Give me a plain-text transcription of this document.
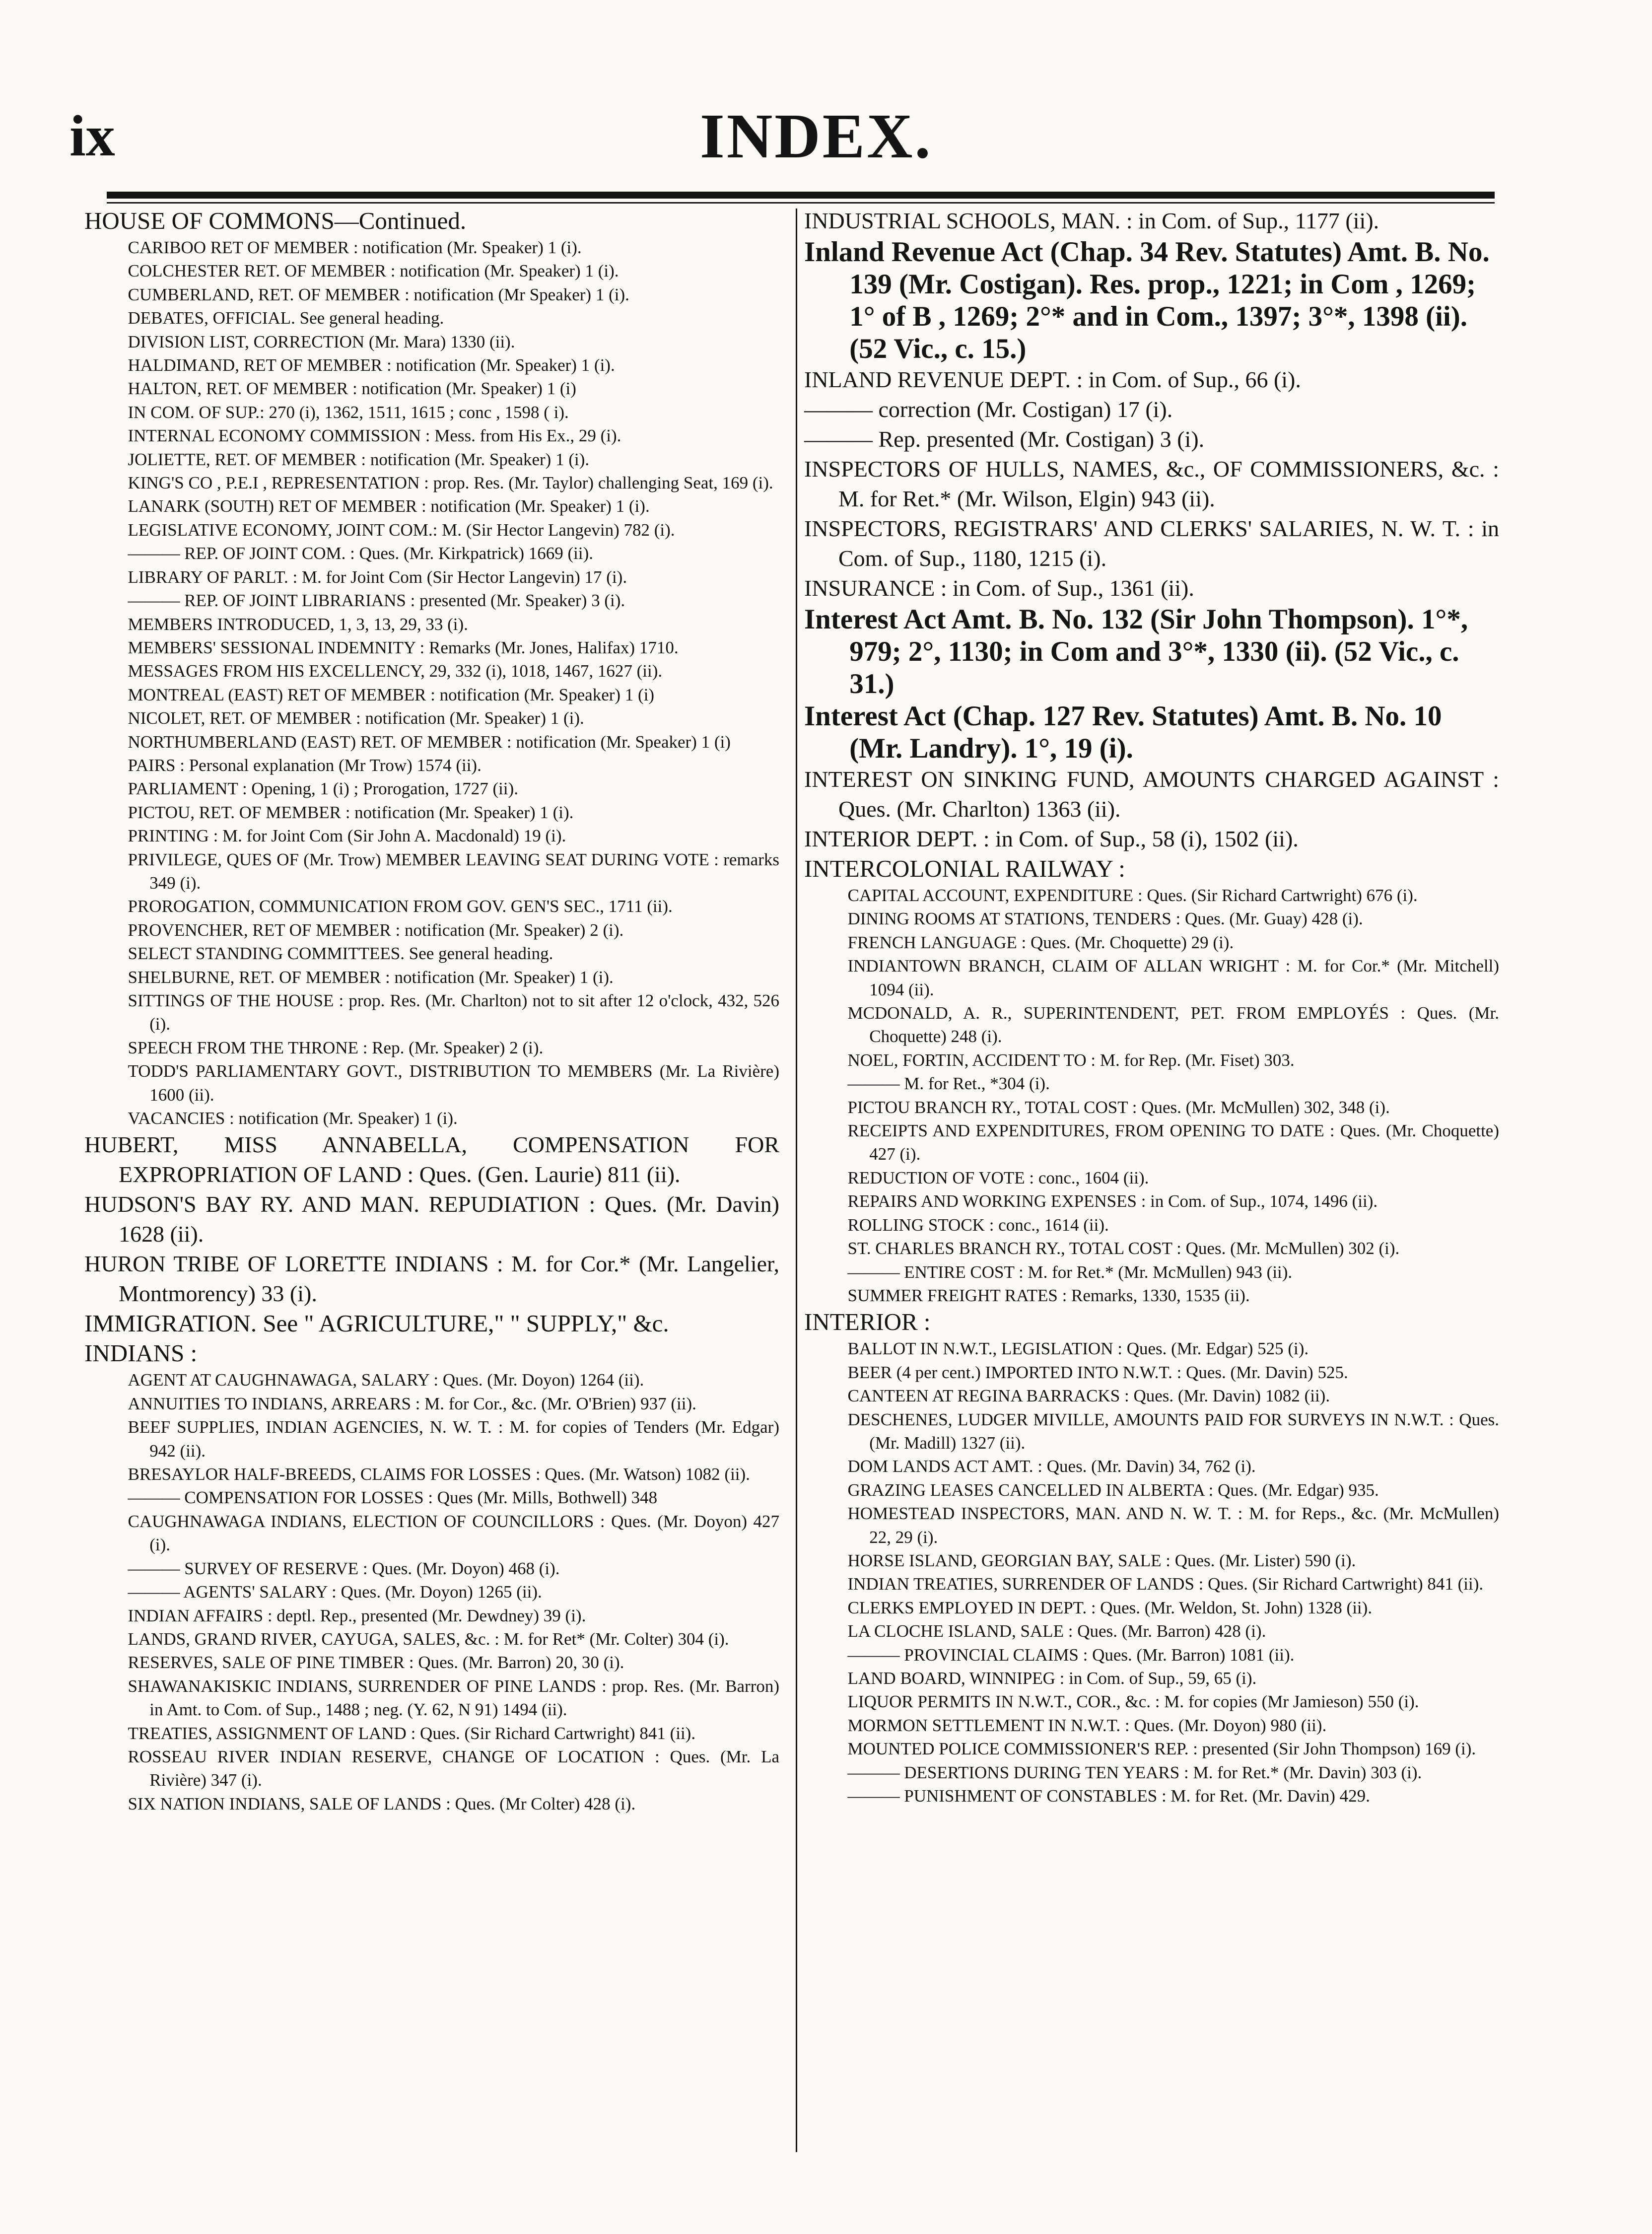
ix	INDEX.

HOUSE OF COMMONS—Continued.

CARIBOO RET OF MEMBER : notification (Mr. Speaker) 1 (i).

COLCHESTER RET. OF MEMBER : notification (Mr. Speaker) 1 (i).

CUMBERLAND, RET. OF MEMBER : notification (Mr Speaker) 1 (i).

DEBATES, OFFICIAL. See general heading.

DIVISION LIST, CORRECTION (Mr. Mara) 1330 (ii).

HALDIMAND, RET OF MEMBER : notification (Mr. Speaker) 1 (i).

HALTON, RET. OF MEMBER : notification (Mr. Speaker) 1 (i)

IN COM. OF SUP.: 270 (i), 1362, 1511, 1615 ; conc , 1598 ( i).

INTERNAL ECONOMY COMMISSION : Mess. from His Ex., 29 (i).

JOLIETTE, RET. OF MEMBER : notification (Mr. Speaker) 1 (i).

KING'S CO , P.E.I , REPRESENTATION : prop. Res. (Mr. Taylor) challenging Seat, 169 (i).

LANARK (SOUTH) RET OF MEMBER : notification (Mr. Speaker) 1 (i).

LEGISLATIVE ECONOMY, JOINT COM.: M. (Sir Hector Langevin) 782 (i).

——— REP. OF JOINT COM. : Ques. (Mr. Kirkpatrick) 1669 (ii).

LIBRARY OF PARLT. : M. for Joint Com (Sir Hector Langevin) 17 (i).

——— REP. OF JOINT LIBRARIANS : presented (Mr. Speaker) 3 (i).

MEMBERS INTRODUCED, 1, 3, 13, 29, 33 (i).

MEMBERS' SESSIONAL INDEMNITY : Remarks (Mr. Jones, Halifax) 1710.

MESSAGES FROM HIS EXCELLENCY, 29, 332 (i), 1018, 1467, 1627 (ii).

MONTREAL (EAST) RET OF MEMBER : notification (Mr. Speaker) 1 (i)

NICOLET, RET. OF MEMBER : notification (Mr. Speaker) 1 (i).

NORTHUMBERLAND (EAST) RET. OF MEMBER : notification (Mr. Speaker) 1 (i)

PAIRS : Personal explanation (Mr Trow) 1574 (ii).

PARLIAMENT : Opening, 1 (i) ; Prorogation, 1727 (ii).

PICTOU, RET. OF MEMBER : notification (Mr. Speaker) 1 (i).

PRINTING : M. for Joint Com (Sir John A. Macdonald) 19 (i).

PRIVILEGE, QUES OF (Mr. Trow) MEMBER LEAVING SEAT DURING VOTE : remarks 349 (i).

PROROGATION, COMMUNICATION FROM GOV. GEN'S SEC., 1711 (ii).

PROVENCHER, RET OF MEMBER : notification (Mr. Speaker) 2 (i).

SELECT STANDING COMMITTEES. See general heading.

SHELBURNE, RET. OF MEMBER : notification (Mr. Speaker) 1 (i).

SITTINGS OF THE HOUSE : prop. Res. (Mr. Charlton) not to sit after 12 o'clock, 432, 526 (i).

SPEECH FROM THE THRONE : Rep. (Mr. Speaker) 2 (i).

TODD'S PARLIAMENTARY GOVT., DISTRIBUTION TO MEMBERS (Mr. La Rivière) 1600 (ii).

VACANCIES : notification (Mr. Speaker) 1 (i).

HUBERT, MISS ANNABELLA, COMPENSATION FOR EXPROPRIATION OF LAND : Ques. (Gen. Laurie) 811 (ii).

HUDSON'S BAY RY. AND MAN. REPUDIATION : Ques. (Mr. Davin) 1628 (ii).

HURON TRIBE OF LORETTE INDIANS : M. for Cor.* (Mr. Langelier, Montmorency) 33 (i).

IMMIGRATION. See " AGRICULTURE," " SUPPLY," &c.

INDIANS :

AGENT AT CAUGHNAWAGA, SALARY : Ques. (Mr. Doyon) 1264 (ii).

ANNUITIES TO INDIANS, ARREARS : M. for Cor., &c. (Mr. O'Brien) 937 (ii).

BEEF SUPPLIES, INDIAN AGENCIES, N. W. T. : M. for copies of Tenders (Mr. Edgar) 942 (ii).

BRESAYLOR HALF-BREEDS, CLAIMS FOR LOSSES : Ques. (Mr. Watson) 1082 (ii).

——— COMPENSATION FOR LOSSES : Ques (Mr. Mills, Bothwell) 348

CAUGHNAWAGA INDIANS, ELECTION OF COUNCILLORS : Ques. (Mr. Doyon) 427 (i).

——— SURVEY OF RESERVE : Ques. (Mr. Doyon) 468 (i).

——— AGENTS' SALARY : Ques. (Mr. Doyon) 1265 (ii).

INDIAN AFFAIRS : deptl. Rep., presented (Mr. Dewdney) 39 (i).

LANDS, GRAND RIVER, CAYUGA, SALES, &c. : M. for Ret* (Mr. Colter) 304 (i).

RESERVES, SALE OF PINE TIMBER : Ques. (Mr. Barron) 20, 30 (i).

SHAWANAKISKIC INDIANS, SURRENDER OF PINE LANDS : prop. Res. (Mr. Barron) in Amt. to Com. of Sup., 1488 ; neg. (Y. 62, N 91) 1494 (ii).

TREATIES, ASSIGNMENT OF LAND : Ques. (Sir Richard Cartwright) 841 (ii).

ROSSEAU RIVER INDIAN RESERVE, CHANGE OF LOCATION : Ques. (Mr. La Rivière) 347 (i).

SIX NATION INDIANS, SALE OF LANDS : Ques. (Mr Colter) 428 (i).

INDUSTRIAL SCHOOLS, MAN. : in Com. of Sup., 1177 (ii).

Inland Revenue Act (Chap. 34 Rev. Statutes) Amt. B. No. 139 (Mr. Costigan). Res. prop., 1221; in Com , 1269; 1° of B , 1269; 2°* and in Com., 1397; 3°*, 1398 (ii). (52 Vic., c. 15.)

INLAND REVENUE DEPT. : in Com. of Sup., 66 (i).

——— correction (Mr. Costigan) 17 (i).

——— Rep. presented (Mr. Costigan) 3 (i).

INSPECTORS OF HULLS, NAMES, &c., OF COMMISSIONERS, &c. : M. for Ret.* (Mr. Wilson, Elgin) 943 (ii).

INSPECTORS, REGISTRARS' AND CLERKS' SALARIES, N. W. T. : in Com. of Sup., 1180, 1215 (i).

INSURANCE : in Com. of Sup., 1361 (ii).

Interest Act Amt. B. No. 132 (Sir John Thompson). 1°*, 979; 2°, 1130; in Com and 3°*, 1330 (ii). (52 Vic., c. 31.)

Interest Act (Chap. 127 Rev. Statutes) Amt. B. No. 10 (Mr. Landry). 1°, 19 (i).

INTEREST ON SINKING FUND, AMOUNTS CHARGED AGAINST : Ques. (Mr. Charlton) 1363 (ii).

INTERIOR DEPT. : in Com. of Sup., 58 (i), 1502 (ii).

INTERCOLONIAL RAILWAY :

CAPITAL ACCOUNT, EXPENDITURE : Ques. (Sir Richard Cartwright) 676 (i).

DINING ROOMS AT STATIONS, TENDERS : Ques. (Mr. Guay) 428 (i).

FRENCH LANGUAGE : Ques. (Mr. Choquette) 29 (i).

INDIANTOWN BRANCH, CLAIM OF ALLAN WRIGHT : M. for Cor.* (Mr. Mitchell) 1094 (ii).

MCDONALD, A. R., SUPERINTENDENT, PET. FROM EMPLOYÉS : Ques. (Mr. Choquette) 248 (i).

NOEL, FORTIN, ACCIDENT TO : M. for Rep. (Mr. Fiset) 303.

——— M. for Ret., *304 (i).

PICTOU BRANCH RY., TOTAL COST : Ques. (Mr. McMullen) 302, 348 (i).

RECEIPTS AND EXPENDITURES, FROM OPENING TO DATE : Ques. (Mr. Choquette) 427 (i).

REDUCTION OF VOTE : conc., 1604 (ii).

REPAIRS AND WORKING EXPENSES : in Com. of Sup., 1074, 1496 (ii).

ROLLING STOCK : conc., 1614 (ii).

ST. CHARLES BRANCH RY., TOTAL COST : Ques. (Mr. McMullen) 302 (i).

——— ENTIRE COST : M. for Ret.* (Mr. McMullen) 943 (ii).

SUMMER FREIGHT RATES : Remarks, 1330, 1535 (ii).

INTERIOR :

BALLOT IN N.W.T., LEGISLATION : Ques. (Mr. Edgar) 525 (i).

BEER (4 per cent.) IMPORTED INTO N.W.T. : Ques. (Mr. Davin) 525.

CANTEEN AT REGINA BARRACKS : Ques. (Mr. Davin) 1082 (ii).

DESCHENES, LUDGER MIVILLE, AMOUNTS PAID FOR SURVEYS IN N.W.T. : Ques. (Mr. Madill) 1327 (ii).

DOM LANDS ACT AMT. : Ques. (Mr. Davin) 34, 762 (i).

GRAZING LEASES CANCELLED IN ALBERTA : Ques. (Mr. Edgar) 935.

HOMESTEAD INSPECTORS, MAN. AND N. W. T. : M. for Reps., &c. (Mr. McMullen) 22, 29 (i).

HORSE ISLAND, GEORGIAN BAY, SALE : Ques. (Mr. Lister) 590 (i).

INDIAN TREATIES, SURRENDER OF LANDS : Ques. (Sir Richard Cartwright) 841 (ii).

CLERKS EMPLOYED IN DEPT. : Ques. (Mr. Weldon, St. John) 1328 (ii).

LA CLOCHE ISLAND, SALE : Ques. (Mr. Barron) 428 (i).

——— PROVINCIAL CLAIMS : Ques. (Mr. Barron) 1081 (ii).

LAND BOARD, WINNIPEG : in Com. of Sup., 59, 65 (i).

LIQUOR PERMITS IN N.W.T., COR., &c. : M. for copies (Mr Jamieson) 550 (i).

MORMON SETTLEMENT IN N.W.T. : Ques. (Mr. Doyon) 980 (ii).

MOUNTED POLICE COMMISSIONER'S REP. : presented (Sir John Thompson) 169 (i).

——— DESERTIONS DURING TEN YEARS : M. for Ret.* (Mr. Davin) 303 (i).

——— PUNISHMENT OF CONSTABLES : M. for Ret. (Mr. Davin) 429.
